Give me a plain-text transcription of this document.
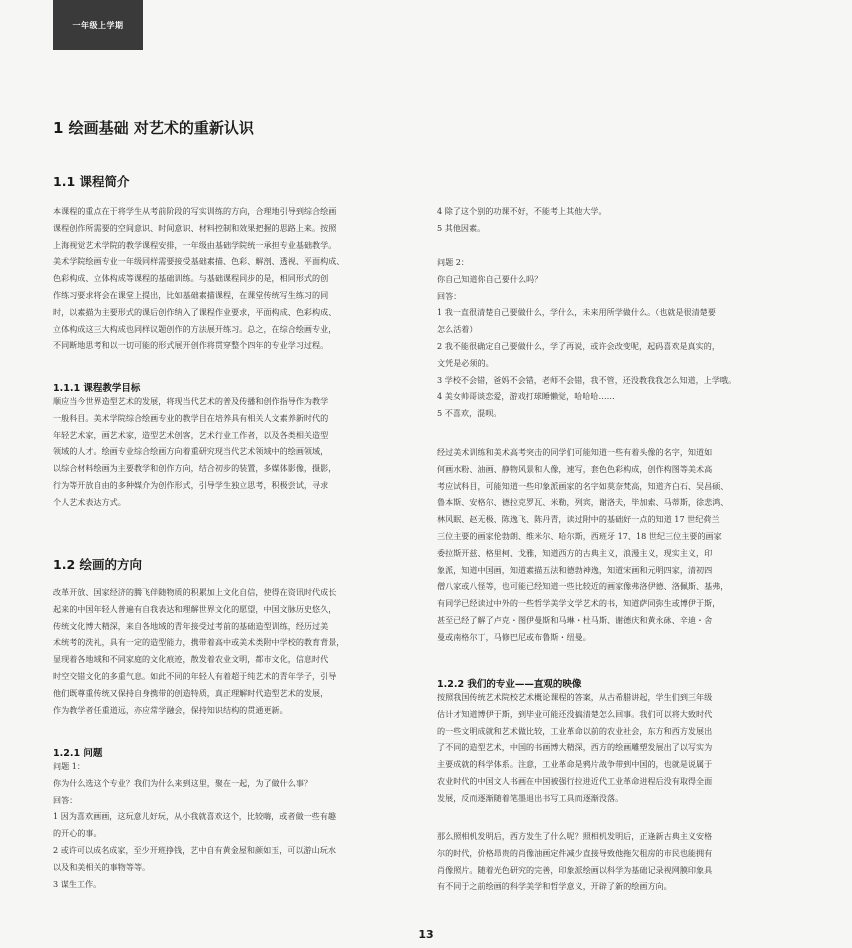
一年级上学期
1 绘画基础 对艺术的重新认识
1.1 课程简介
本课程的重点在于将学生从考前阶段的写实训练的方向，合理地引导到综合绘画
课程创作所需要的空间意识、时间意识、材料控制和效果把握的思路上来。按照
上海视觉艺术学院的教学课程安排，一年级由基础学院统一承担专业基础教学。
美术学院绘画专业一年级同样需要接受基础素描、色彩、解剖、透视、平面构成、
色彩构成、立体构成等课程的基础训练。与基础课程同步的是，相同形式的创
作练习要求将会在课堂上提出，比如基础素描课程，在课堂传统写生练习的同
时，以素描为主要形式的课后创作纳入了课程作业要求，平面构成、色彩构成、
立体构成这三大构成也同样议题创作的方法展开练习。总之，在综合绘画专业，
不同断地思考和以一切可能的形式展开创作将贯穿整个四年的专业学习过程。
1.1.1 课程教学目标
顺应当今世界造型艺术的发展，将现当代艺术的普及传播和创作指导作为教学
一般科目。美术学院综合绘画专业的教学目在培养具有相关人文素养新时代的
年轻艺术家，画艺术家，造型艺术创客，艺术行业工作者，以及各类相关造型
领域的人才。绘画专业综合绘画方向着重研究现当代艺术领域中的绘画领域，
以综合材料绘画为主要教学和创作方向，结合初步的装置，多媒体影像，摄影，
行为等开放自由的多种媒介为创作形式，引导学生独立思考，积极尝试，寻求
个人艺术表达方式。
1.2 绘画的方向
改革开放、国家经济的腾飞伴随物质的积累加上文化自信，使得在资讯时代成长
起来的中国年轻人普遍有自我表达和理解世界文化的愿望，中国文脉历史悠久，
传统文化博大精深，来自各地域的青年接受过考前的基础造型训练，经历过美
术统考的洗礼，具有一定的造型能力，携带着高中或美术类附中学校的教育背景，
显现着各地域和不同家庭的文化痕迹，散发着农业文明，都市文化，信息时代
时空交错文化的多重气息。如此不同的年轻人有着超于纯艺术的青年学子，引导
他们既尊重传统又保持自身携带的创造特质，真正理解时代造型艺术的发展，
作为教学者任重道远，亦应常学融会，保持知识结构的贯通更新。
1.2.1 问题
问题 1：
你为什么选这个专业？我们为什么来到这里，聚在一起，为了做什么事？
回答：
1 因为喜欢画画，这玩意儿好玩，从小我就喜欢这个，比较嗨，或者做一些有趣
的开心的事。
2 或许可以成名成家，至少开班挣钱，艺中自有黄金屋和颜如玉，可以游山玩水
以及和美相关的事物等等。
3 谋生工作。
4 除了这个别的功课不好，不能考上其他大学。
5 其他因素。
问题 2：
你自己知道你自己要什么吗？
回答：
1 我一直很清楚自己要做什么，学什么，未来用所学做什么。（也就是很清楚要
怎么活着）
2 我不能很确定自己要做什么，学了再说，或许会改变呢，起码喜欢是真实的，
文凭是必须的。
3 学校不会错，爸妈不会错，老师不会错，我不管，还没教我我怎么知道，上学哦。
4 美女帅哥谈恋爱，游戏打球睡懒觉，哈哈哈……
5 不喜欢，混呗。
经过美术训练和美术高考突击的同学们可能知道一些有着头像的名字，知道如
何画水粉、油画、静物风景和人像，速写，套色色彩构成，创作构图等美术高
考应试科目，可能知道一些印象派画家的名字如莫奈梵高，知道齐白石、吴昌硕、
鲁本斯、安格尔、德拉克罗瓦、米勒，列宾，谢洛夫，毕加索、马蒂斯，徐悲鸿、
林风眠、赵无极、陈逸飞、陈丹青，读过附中的基础好一点的知道 17 世纪荷兰
三位主要的画家伦勃朗、维米尔、哈尔斯，西班牙 17、18 世纪三位主要的画家
委拉斯开兹、格里柯、戈雅，知道西方的古典主义，浪漫主义，现实主义，印
象派，知道中国画，知道素描五法和德勃神逸，知道宋画和元明四家，清初四
僧八家或八怪等，也可能已经知道一些比较近的画家像弗洛伊德、洛佩斯、基弗，
有同学已经读过中外的一些哲学美学文学艺术的书，知道萨同弥生或博伊于斯，
甚至已经了解了卢克・图伊曼斯和马琳・杜马斯、谢德庆和黄永砯、辛迪・舍
曼或南格尔丁，马修巴尼或布鲁斯・纽曼。
1.2.2 我们的专业——直观的映像
按照我国传统艺术院校艺术概论课程的答案，从古希腊讲起，学生们到三年级
估计才知道博伊于斯，到毕业可能还没搞清楚怎么回事。我们可以将大致时代
的一些文明成就和艺术做比较，工业革命以前的农业社会，东方和西方发展出
了不同的造型艺术，中国的书画博大精深，西方的绘画雕塑发展出了以写实为
主要成就的科学体系。注意，工业革命是鸦片战争带到中国的，也就是说属于
农业时代的中国文人书画在中国被强行拉进近代工业革命进程后没有取得全面
发展，反而逐渐随着笔墨退出书写工具而逐渐没落。
那么照相机发明后，西方发生了什么呢？照相机发明后，正逢新古典主义安格
尔的时代，价格昂贵的肖像油画定件减少直接导致他拖欠租房的市民也能拥有
肖像照片。随着光色研究的完善，印象派绘画以科学为基础记录视网膜印象具
有不同于之前绘画的科学美学和哲学意义，开辟了新的绘画方向。
13
